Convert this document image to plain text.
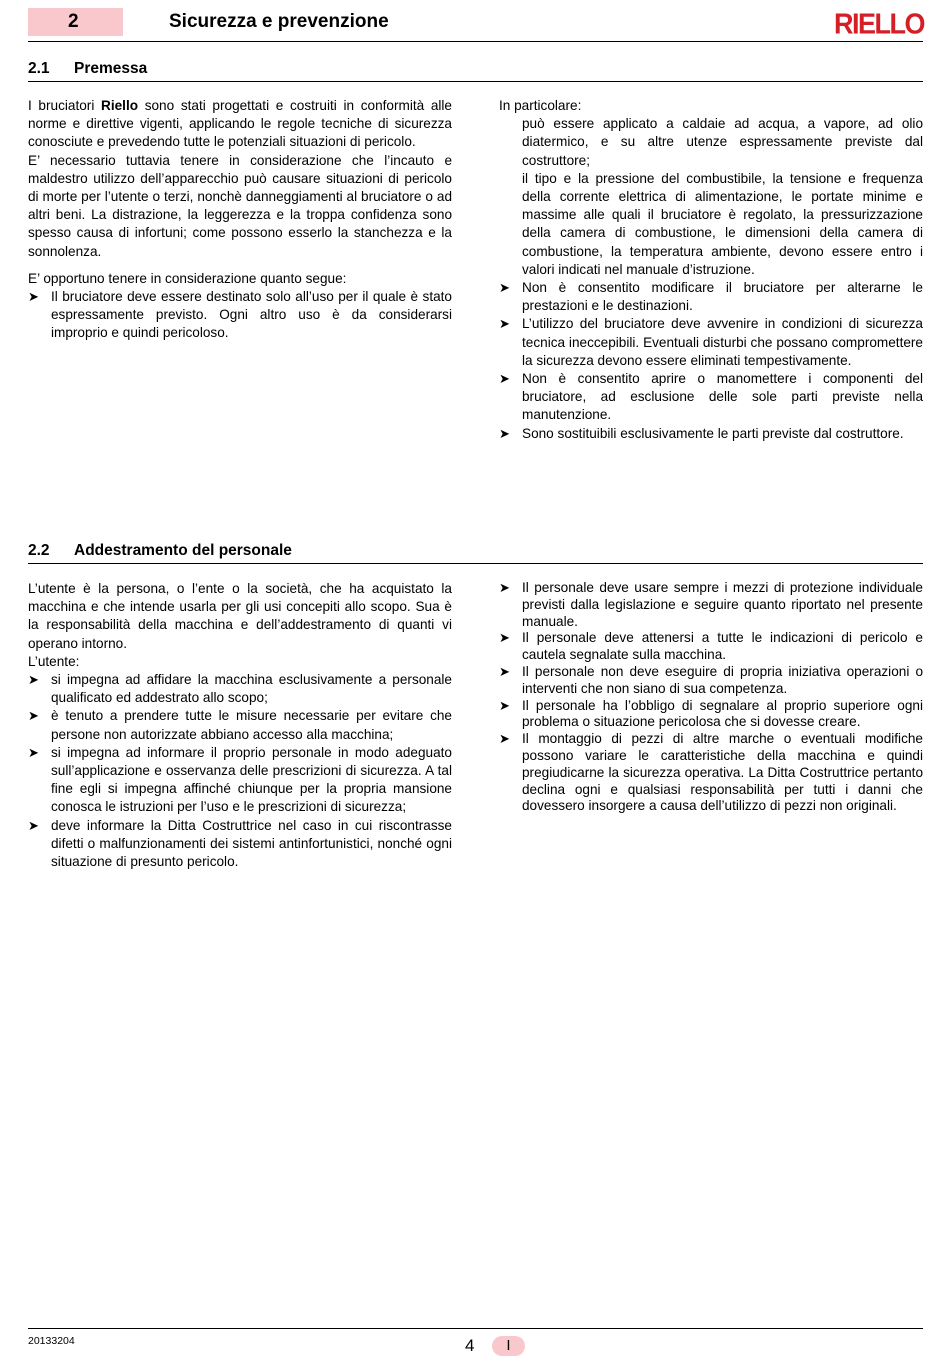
2	Sicurezza e prevenzione	RIELLO
2.1 Premessa

I bruciatori Riello sono stati progettati e costruiti in conformità alle norme e direttive vigenti, applicando le regole tecniche di sicurezza conosciute e prevedendo tutte le potenziali situazioni di pericolo.

E’ necessario tuttavia tenere in considerazione che l’incauto e maldestro utilizzo dell’apparecchio può causare situazioni di pericolo di morte per l’utente o terzi, nonchè danneggiamenti al bruciatore o ad altri beni. La distrazione, la leggerezza e la troppa confidenza sono spesso causa di infortuni; come possono esserlo la stanchezza e la sonnolenza.

E’ opportuno tenere in considerazione quanto segue:

➤ Il bruciatore deve essere destinato solo all’uso per il quale è stato espressamente previsto. Ogni altro uso è da considerarsi improprio e quindi pericoloso.

In particolare:

può essere applicato a caldaie ad acqua, a vapore, ad olio diatermico, e su altre utenze espressamente previste dal costruttore;

il tipo e la pressione del combustibile, la tensione e frequenza della corrente elettrica di alimentazione, le portate minime e massime alle quali il bruciatore è regolato, la pressurizzazione della camera di combustione, le dimensioni della camera di combustione, la temperatura ambiente, devono essere entro i valori indicati nel manuale d’istruzione.

➤ Non è consentito modificare il bruciatore per alterarne le prestazioni e le destinazioni.
➤ L’utilizzo del bruciatore deve avvenire in condizioni di sicurezza tecnica ineccepibili. Eventuali disturbi che possano compromettere la sicurezza devono essere eliminati tempestivamente.
➤ Non è consentito aprire o manomettere i componenti del bruciatore, ad esclusione delle sole parti previste nella manutenzione.
➤ Sono sostituibili esclusivamente le parti previste dal costruttore.
2.2 Addestramento del personale

L’utente è la persona, o l’ente o la società, che ha acquistato la macchina e che intende usarla per gli usi concepiti allo scopo. Sua è la responsabilità della macchina e dell’addestramento di quanti vi operano intorno.

L’utente:

➤ si impegna ad affidare la macchina esclusivamente a personale qualificato ed addestrato allo scopo;
➤ è tenuto a prendere tutte le misure necessarie per evitare che persone non autorizzate abbiano accesso alla macchina;
➤ si impegna ad informare il proprio personale in modo adeguato sull’applicazione e osservanza delle prescrizioni di sicurezza. A tal fine egli si impegna affinché chiunque per la propria mansione conosca le istruzioni per l’uso e le prescrizioni di sicurezza;
➤ deve informare la Ditta Costruttrice nel caso in cui riscontrasse difetti o malfunzionamenti dei sistemi antinfortunistici, nonché ogni situazione di presunto pericolo.
➤ Il personale deve usare sempre i mezzi di protezione individuale previsti dalla legislazione e seguire quanto riportato nel presente manuale.
➤ Il personale deve attenersi a tutte le indicazioni di pericolo e cautela segnalate sulla macchina.
➤ Il personale non deve eseguire di propria iniziativa operazioni o interventi che non siano di sua competenza.
➤ Il personale ha l’obbligo di segnalare al proprio superiore ogni problema o situazione pericolosa che si dovesse creare.
➤ Il montaggio di pezzi di altre marche o eventuali modifiche possono variare le caratteristiche della macchina e quindi pregiudicarne la sicurezza operativa. La Ditta Costruttrice pertanto declina ogni e qualsiasi responsabilità per tutti i danni che dovessero insorgere a causa dell’utilizzo di pezzi non originali.
20133204	4	I
